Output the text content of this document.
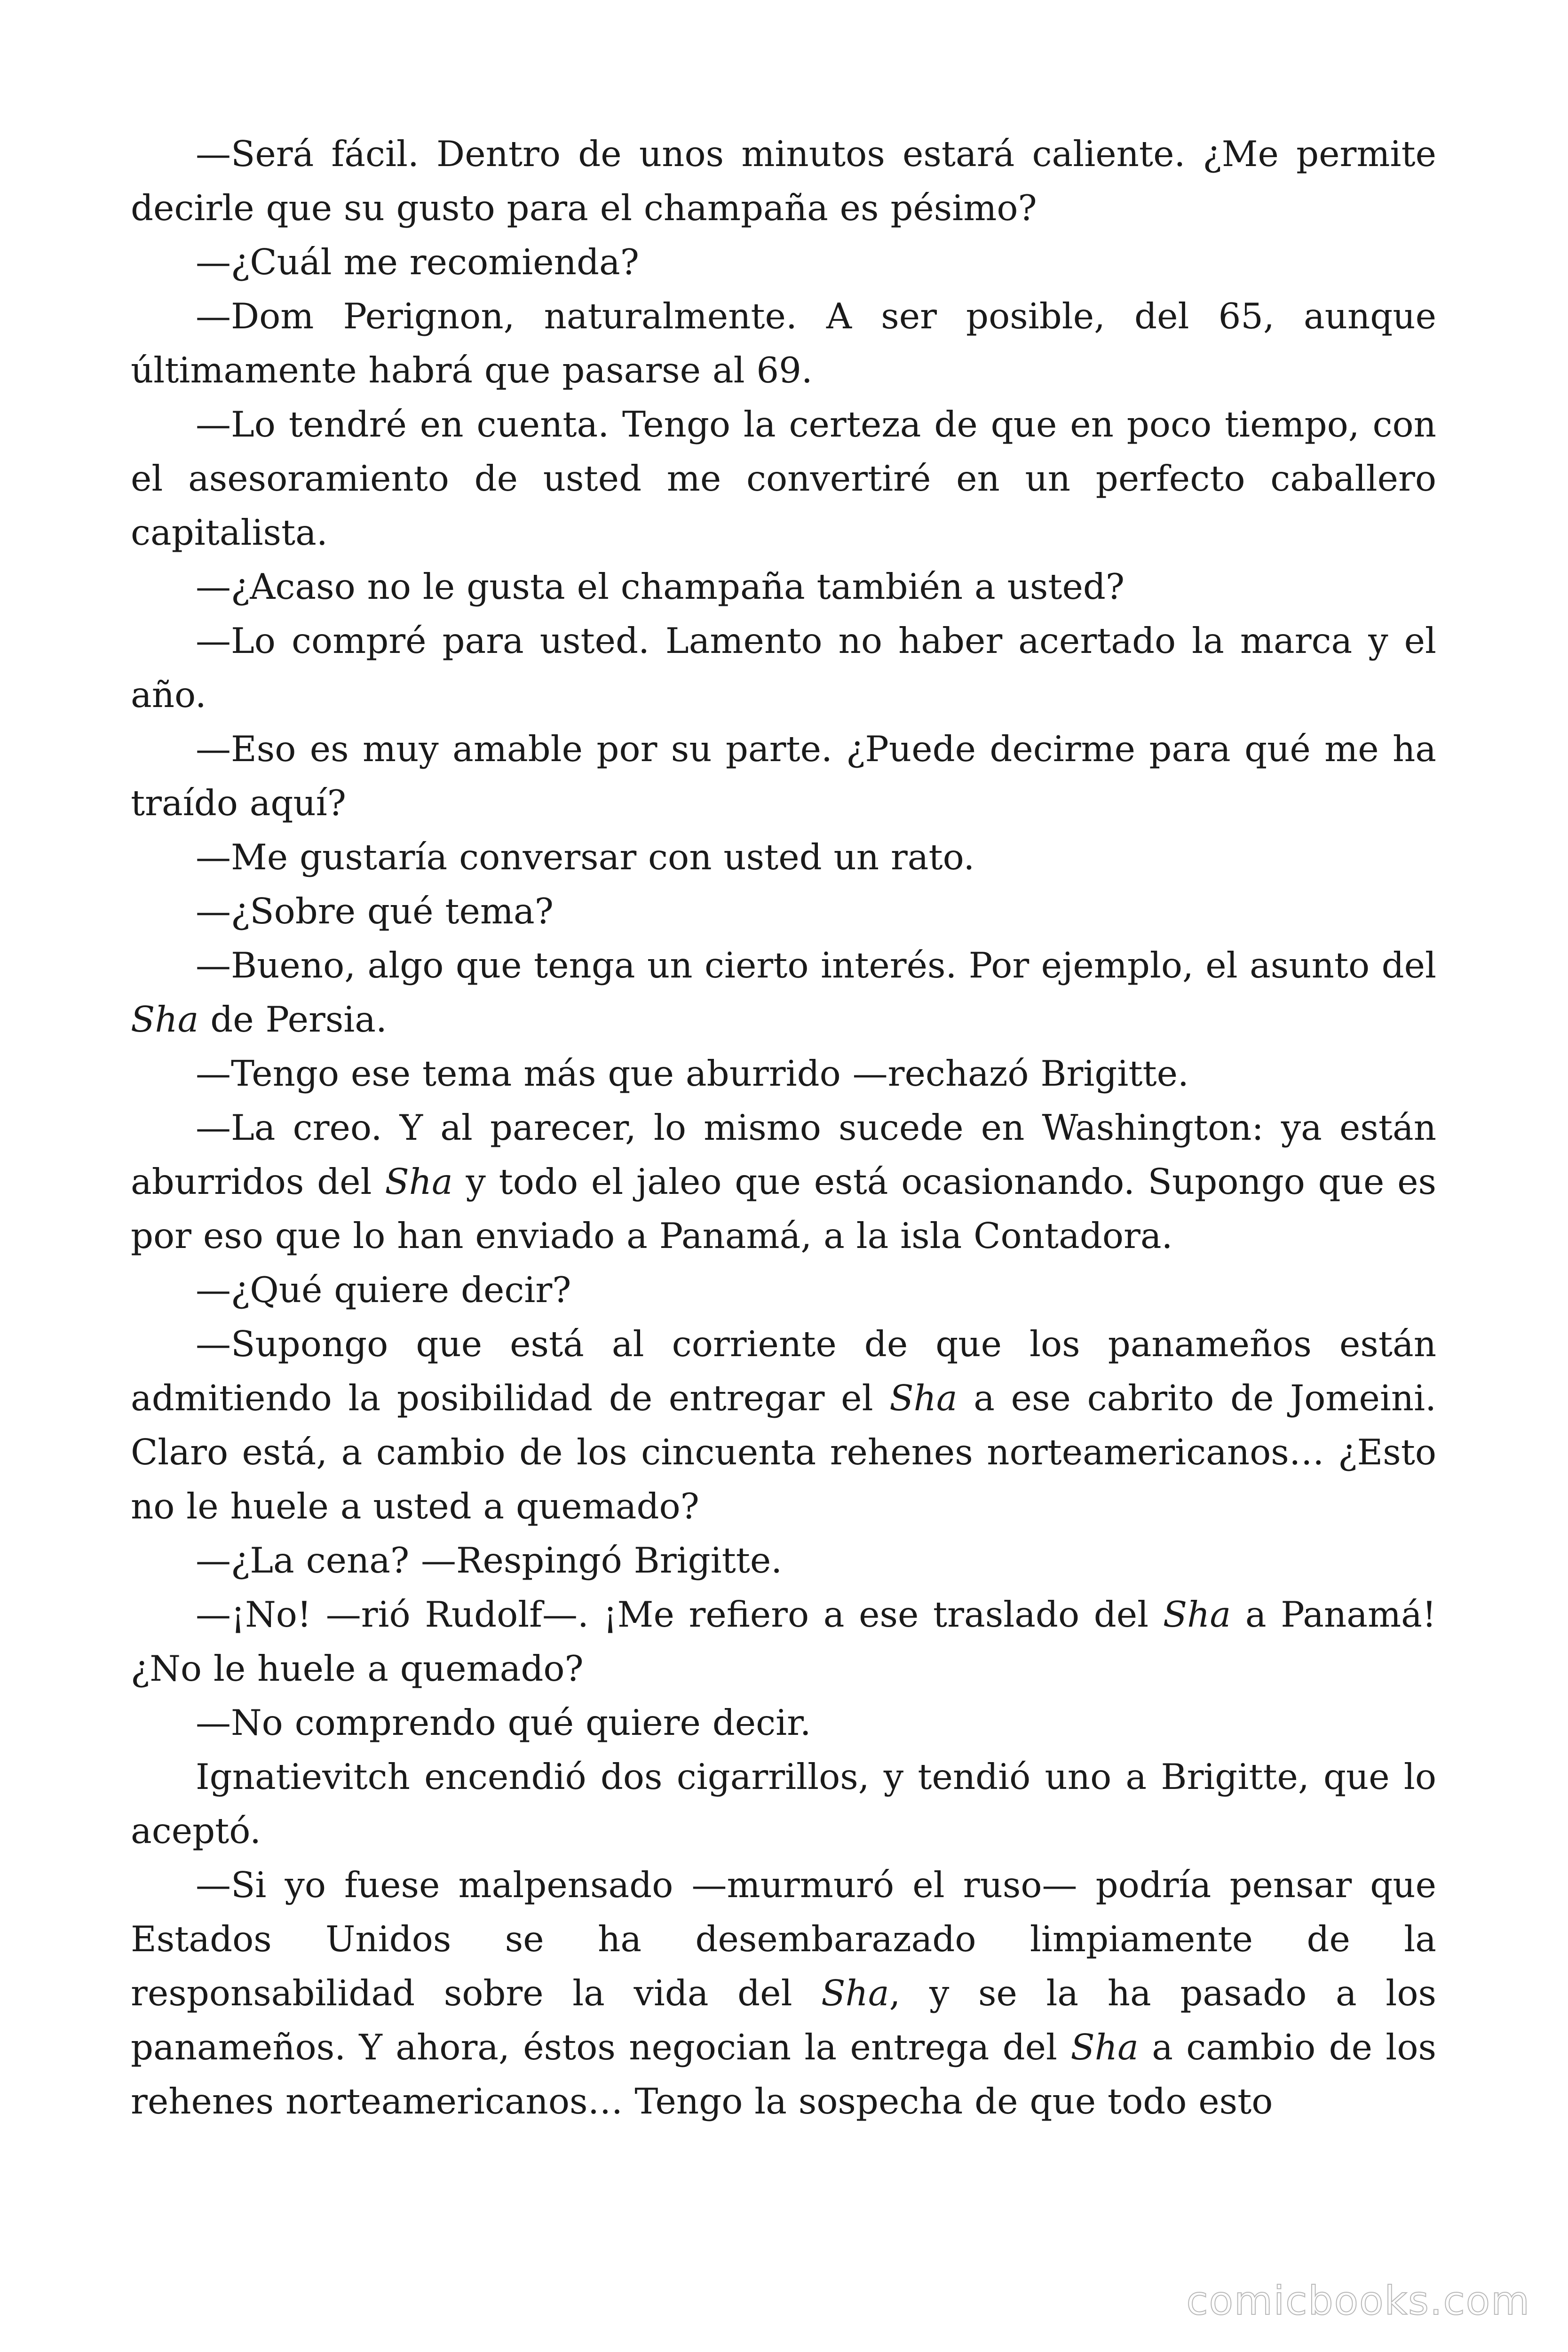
—Será fácil. Dentro de unos minutos estará caliente. ¿Me permite decirle que su gusto para el champaña es pésimo?

—¿Cuál me recomienda?

—Dom Perignon, naturalmente. A ser posible, del 65, aunque últimamente habrá que pasarse al 69.

—Lo tendré en cuenta. Tengo la certeza de que en poco tiempo, con el asesoramiento de usted me convertiré en un perfecto caballero capitalista.

—¿Acaso no le gusta el champaña también a usted?

—Lo compré para usted. Lamento no haber acertado la marca y el año.

—Eso es muy amable por su parte. ¿Puede decirme para qué me ha traído aquí?

—Me gustaría conversar con usted un rato.

—¿Sobre qué tema?

—Bueno, algo que tenga un cierto interés. Por ejemplo, el asunto del Sha de Persia.

—Tengo ese tema más que aburrido —rechazó Brigitte.

—La creo. Y al parecer, lo mismo sucede en Washington: ya están aburridos del Sha y todo el jaleo que está ocasionando. Supongo que es por eso que lo han enviado a Panamá, a la isla Contadora.

—¿Qué quiere decir?

—Supongo que está al corriente de que los panameños están admitiendo la posibilidad de entregar el Sha a ese cabrito de Jomeini. Claro está, a cambio de los cincuenta rehenes norteamericanos… ¿Esto no le huele a usted a quemado?

—¿La cena? —Respingó Brigitte.

—¡No! —rió Rudolf—. ¡Me refiero a ese traslado del Sha a Panamá! ¿No le huele a quemado?

—No comprendo qué quiere decir.

Ignatievitch encendió dos cigarrillos, y tendió uno a Brigitte, que lo aceptó.

—Si yo fuese malpensado —murmuró el ruso— podría pensar que Estados Unidos se ha desembarazado limpiamente de la responsabilidad sobre la vida del Sha, y se la ha pasado a los panameños. Y ahora, éstos negocian la entrega del Sha a cambio de los rehenes norteamericanos… Tengo la sospecha de que todo esto

comicbooks.com
